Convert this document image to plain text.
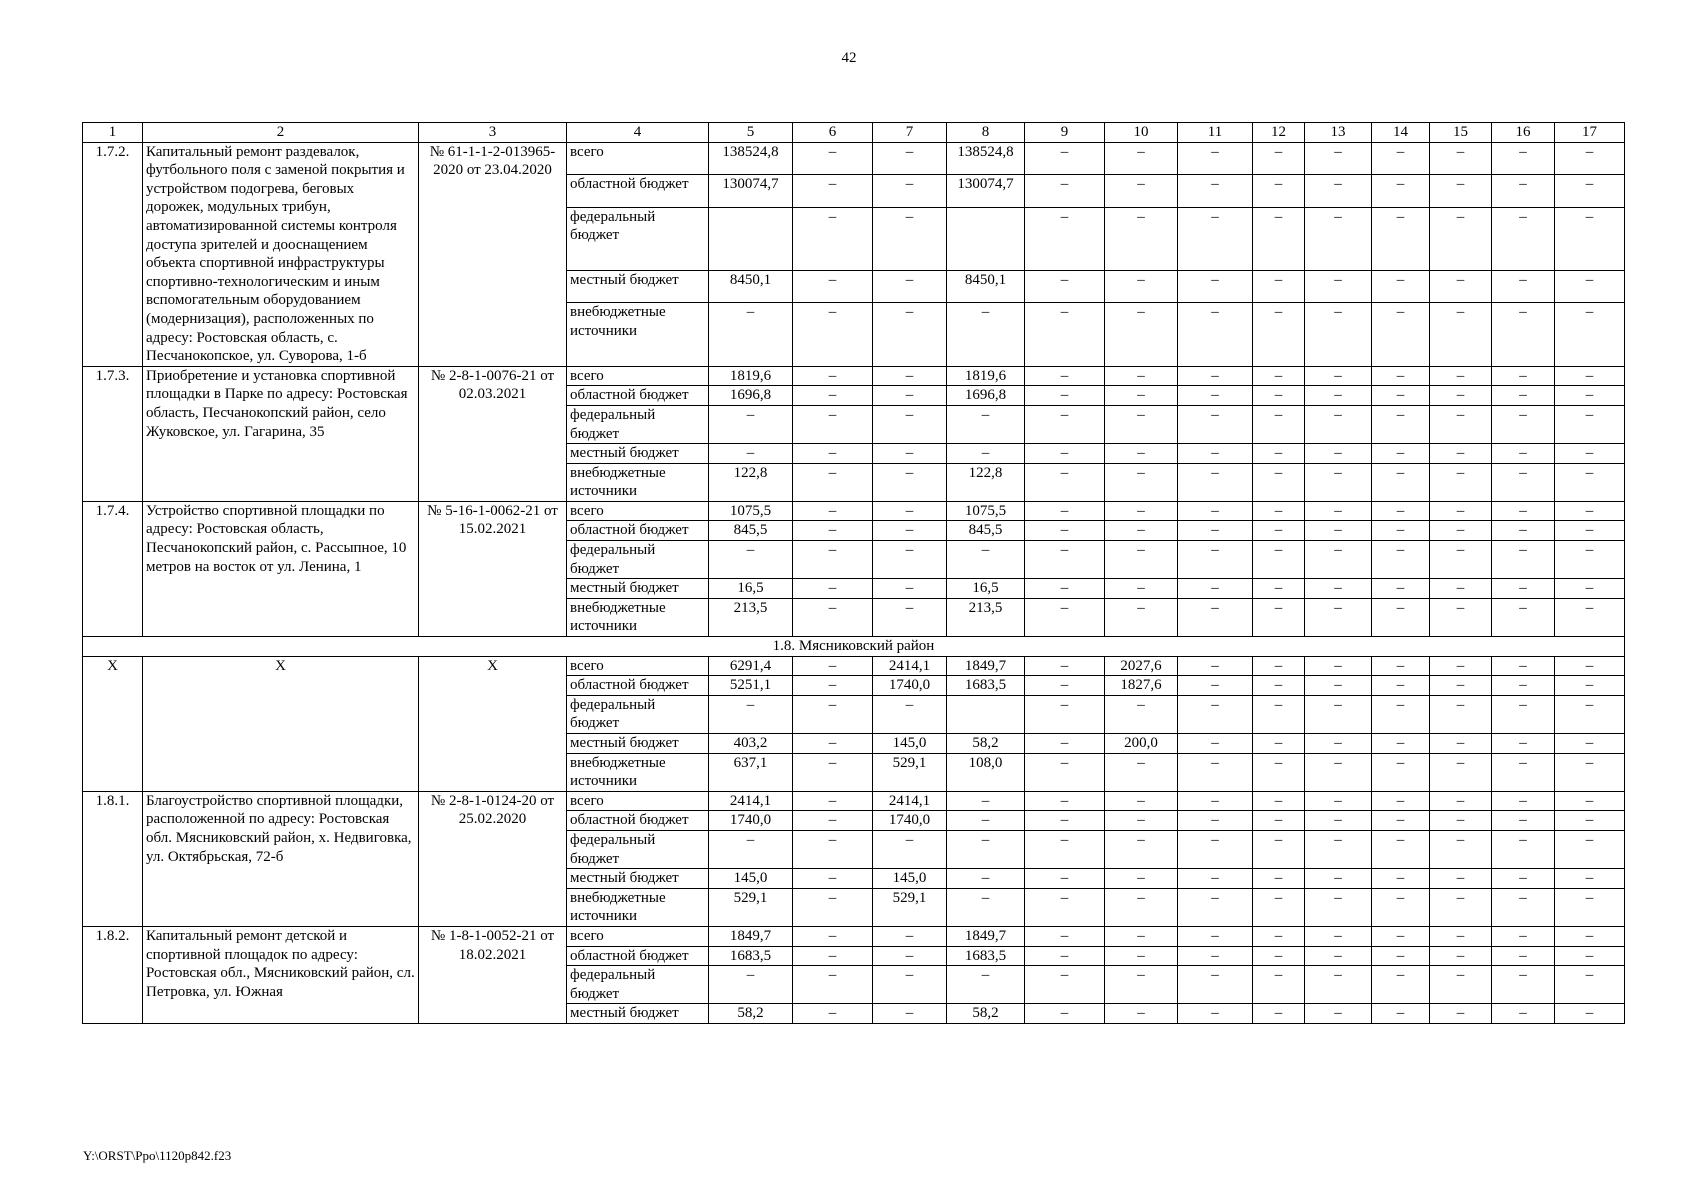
42
1	2	3	4	5	6	7	8	9	10	11	12	13	14	15	16	17
1.7.2.	Капитальный ремонт раздевалок, футбольного поля с заменой покрытия и устройством подогрева, беговых дорожек, модульных трибун, автоматизированной системы контроля доступа зрителей и дооснащением объекта спортивной инфраструктуры спортивно-технологическим и иным вспомогательным оборудованием (модернизация), расположенных по адресу: Ростовская область, с. Песчанокопское, ул. Суворова, 1-б	№ 61-1-1-2-013965-2020 от 23.04.2020	всего	138524,8	–	–	138524,8	–	–	–	–	–	–	–	–	–
			областной бюджет	130074,7	–	–	130074,7	–	–	–	–	–	–	–	–	–
			федеральный бюджет		–	–		–	–	–	–	–	–	–	–	–
			местный бюджет	8450,1	–	–	8450,1	–	–	–	–	–	–	–	–	–
			внебюджетные источники	–	–	–	–	–	–	–	–	–	–	–	–	–
1.7.3.	Приобретение и установка спортивной площадки в Парке по адресу: Ростовская область, Песчанокопский район, село Жуковское, ул. Гагарина, 35	№ 2-8-1-0076-21 от 02.03.2021	всего	1819,6	–	–	1819,6	–	–	–	–	–	–	–	–	–
			областной бюджет	1696,8	–	–	1696,8	–	–	–	–	–	–	–	–	–
			федеральный бюджет	–	–	–	–	–	–	–	–	–	–	–	–	–
			местный бюджет	–	–	–	–	–	–	–	–	–	–	–	–	–
			внебюджетные источники	122,8	–	–	122,8	–	–	–	–	–	–	–	–	–
1.7.4.	Устройство спортивной площадки по адресу: Ростовская область, Песчанокопский район, с. Рассыпное, 10 метров на восток от ул. Ленина, 1	№ 5-16-1-0062-21 от 15.02.2021	всего	1075,5	–	–	1075,5	–	–	–	–	–	–	–	–	–
			областной бюджет	845,5	–	–	845,5	–	–	–	–	–	–	–	–	–
			федеральный бюджет	–	–	–	–	–	–	–	–	–	–	–	–	–
			местный бюджет	16,5	–	–	16,5	–	–	–	–	–	–	–	–	–
			внебюджетные источники	213,5	–	–	213,5	–	–	–	–	–	–	–	–	–
1.8. Мясниковский район																
Х	Х	Х	всего	6291,4	–	2414,1	1849,7	–	2027,6	–	–	–	–	–	–	–
			областной бюджет	5251,1	–	1740,0	1683,5	–	1827,6	–	–	–	–	–	–	–
			федеральный бюджет	–	–	–		–	–	–	–	–	–	–	–	–
			местный бюджет	403,2	–	145,0	58,2	–	200,0	–	–	–	–	–	–	–
			внебюджетные источники	637,1	–	529,1	108,0	–	–	–	–	–	–	–	–	–
1.8.1.	Благоустройство спортивной площадки, расположенной по адресу: Ростовская обл. Мясниковский район, х. Недвиговка, ул. Октябрьская, 72-б	№ 2-8-1-0124-20 от 25.02.2020	всего	2414,1	–	2414,1	–	–	–	–	–	–	–	–	–	–
			областной бюджет	1740,0	–	1740,0	–	–	–	–	–	–	–	–	–	–
			федеральный бюджет	–	–	–	–	–	–	–	–	–	–	–	–	–
			местный бюджет	145,0	–	145,0	–	–	–	–	–	–	–	–	–	–
			внебюджетные источники	529,1	–	529,1	–	–	–	–	–	–	–	–	–	–
1.8.2.	Капитальный ремонт детской и спортивной площадок по адресу: Ростовская обл., Мясниковский район, сл. Петровка, ул. Южная	№ 1-8-1-0052-21 от 18.02.2021	всего	1849,7	–	–	1849,7	–	–	–	–	–	–	–	–	–
			областной бюджет	1683,5	–	–	1683,5	–	–	–	–	–	–	–	–	–
			федеральный бюджет	–	–	–	–	–	–	–	–	–	–	–	–	–
			местный бюджет	58,2	–	–	58,2	–	–	–	–	–	–	–	–	–
Y:\ORST\Ppo\1120p842.f23
